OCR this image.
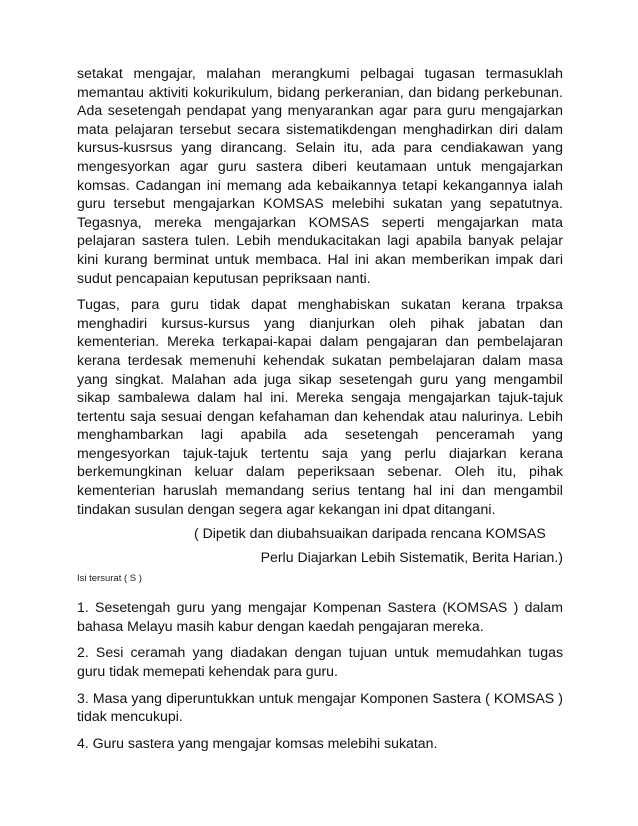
setakat mengajar, malahan merangkumi pelbagai tugasan termasuklah memantau aktiviti kokurikulum, bidang perkeranian, dan bidang perkebunan. Ada sesetengah pendapat yang menyarankan agar para guru mengajarkan mata pelajaran tersebut secara sistematikdengan menghadirkan diri dalam kursus-kusrsus yang dirancang. Selain itu, ada para cendiakawan yang mengesyorkan agar guru sastera diberi keutamaan untuk mengajarkan komsas. Cadangan ini memang ada kebaikannya tetapi kekangannya ialah guru tersebut mengajarkan KOMSAS melebihi sukatan yang sepatutnya. Tegasnya, mereka mengajarkan KOMSAS seperti mengajarkan mata pelajaran sastera tulen. Lebih mendukacitakan lagi apabila banyak pelajar kini kurang berminat untuk membaca. Hal ini akan memberikan impak dari sudut pencapaian keputusan pepriksaan nanti.

Tugas, para guru tidak dapat menghabiskan sukatan kerana trpaksa menghadiri kursus-kursus yang dianjurkan oleh pihak jabatan dan kementerian. Mereka terkapai-kapai dalam pengajaran dan pembelajaran kerana terdesak memenuhi kehendak sukatan pembelajaran dalam masa yang singkat. Malahan ada juga sikap sesetengah guru yang mengambil sikap sambalewa dalam hal ini. Mereka sengaja mengajarkan tajuk-tajuk tertentu saja sesuai dengan kefahaman dan kehendak atau nalurinya. Lebih menghambarkan lagi apabila ada sesetengah penceramah yang mengesyorkan tajuk-tajuk tertentu saja yang perlu diajarkan kerana berkemungkinan keluar dalam peperiksaan sebenar. Oleh itu, pihak kementerian haruslah memandang serius tentang hal ini dan mengambil tindakan susulan dengan segera agar kekangan ini dpat ditangani.

( Dipetik dan diubahsuaikan daripada rencana KOMSAS
Perlu Diajarkan Lebih Sistematik, Berita Harian.)
Isi tersurat ( S )

1. Sesetengah guru yang mengajar Kompenan Sastera (KOMSAS ) dalam bahasa Melayu masih kabur dengan kaedah pengajaran mereka.

2. Sesi ceramah yang diadakan dengan tujuan untuk memudahkan tugas guru tidak memepati kehendak para guru.

3. Masa yang diperuntukkan untuk mengajar Komponen Sastera ( KOMSAS ) tidak mencukupi.

4. Guru sastera yang mengajar komsas melebihi sukatan.
